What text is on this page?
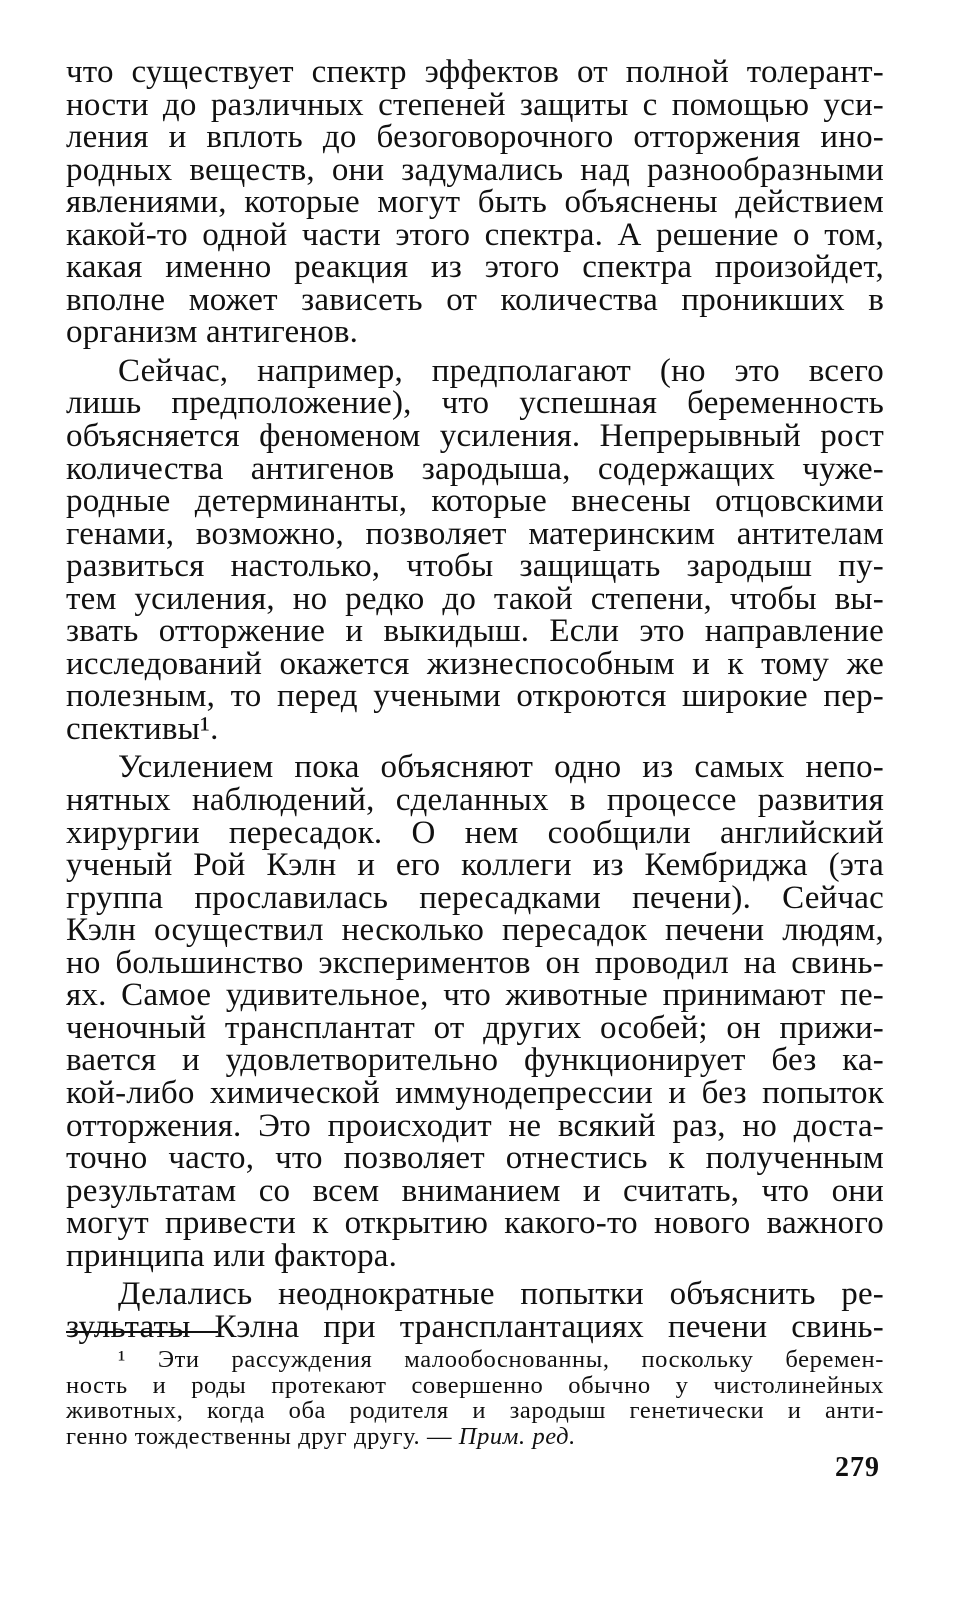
что существует спектр эффектов от полной толерант-
ности до различных степеней защиты с помощью уси-
ления и вплоть до безоговорочного отторжения ино-
родных веществ, они задумались над разнообразными
явлениями, которые могут быть объяснены действием
какой-то одной части этого спектра. А решение о том,
какая именно реакция из этого спектра произойдет,
вполне может зависеть от количества проникших в
организм антигенов.
Сейчас, например, предполагают (но это всего
лишь предположение), что успешная беременность
объясняется феноменом усиления. Непрерывный рост
количества антигенов зародыша, содержащих чуже-
родные детерминанты, которые внесены отцовскими
генами, возможно, позволяет материнским антителам
развиться настолько, чтобы защищать зародыш пу-
тем усиления, но редко до такой степени, чтобы вы-
звать отторжение и выкидыш. Если это направление
исследований окажется жизнеспособным и к тому же
полезным, то перед учеными откроются широкие пер-
спективы¹.
Усилением пока объясняют одно из самых непо-
нятных наблюдений, сделанных в процессе развития
хирургии пересадок. О нем сообщили английский
ученый Рой Кэлн и его коллеги из Кембриджа (эта
группа прославилась пересадками печени). Сейчас
Кэлн осуществил несколько пересадок печени людям,
но большинство экспериментов он проводил на свинь-
ях. Самое удивительное, что животные принимают пе-
ченочный трансплантат от других особей; он прижи-
вается и удовлетворительно функционирует без ка-
кой-либо химической иммунодепрессии и без попыток
отторжения. Это происходит не всякий раз, но доста-
точно часто, что позволяет отнестись к полученным
результатам со всем вниманием и считать, что они
могут привести к открытию какого-то нового важного
принципа или фактора.
Делались неоднократные попытки объяснить ре-
зультаты Кэлна при трансплантациях печени свинь-
¹ Эти рассуждения малообоснованны, поскольку беремен-
ность и роды протекают совершенно обычно у чистолинейных
животных, когда оба родителя и зародыш генетически и анти-
генно тождественны друг другу. — Прим. ред.
279
